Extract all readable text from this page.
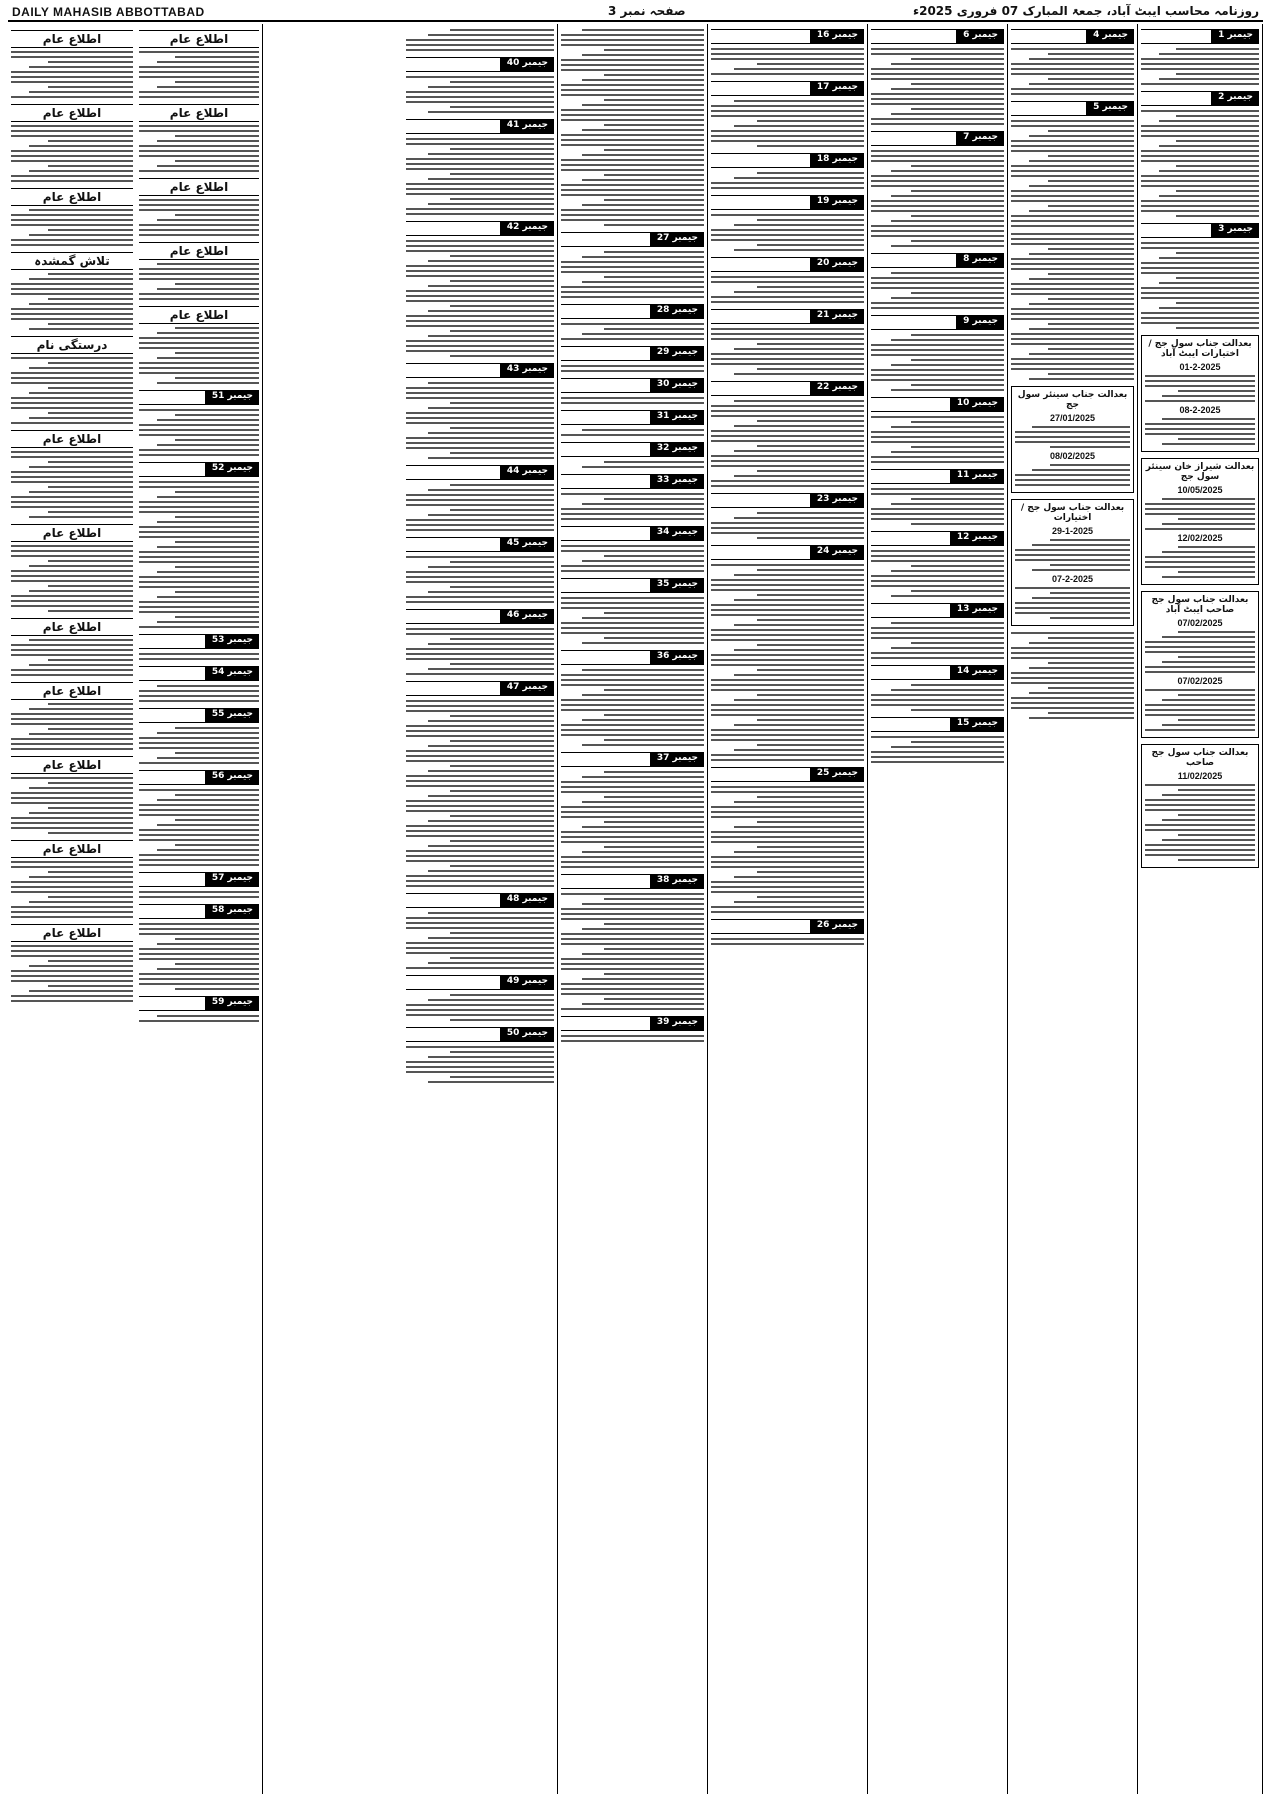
DAILY MAHASIB ABBOTTABAD	صفحہ نمبر 3	روزنامہ محاسب ایبٹ آباد، جمعۃ المبارک 07 فروری 2025ء
جیمبر 1
جیمبر 2
جیمبر 3
بعدالت جناب سول جج / اختیارات ایبٹ آباد
01-2-2025
08-2-2025
بعدالت شیراز خان سینئر سول جج
10/05/2025
12/02/2025
بعدالت جناب سول جج صاحب ایبٹ آباد
07/02/2025
07/02/2025
بعدالت جناب سول جج صاحب
11/02/2025
جیمبر 4
جیمبر 5
بعدالت جناب سینئر سول جج
27/01/2025
08/02/2025
بعدالت جناب سول جج / اختیارات
29-1-2025
07-2-2025
جیمبر 6
جیمبر 7
جیمبر 8
جیمبر 9
جیمبر 10
جیمبر 11
جیمبر 12
جیمبر 13
جیمبر 14
جیمبر 15
جیمبر 16
جیمبر 17
جیمبر 18
جیمبر 19
جیمبر 20
جیمبر 21
جیمبر 22
جیمبر 23
جیمبر 24
جیمبر 25
جیمبر 26
جیمبر 27
جیمبر 28
جیمبر 29
جیمبر 30
جیمبر 31
جیمبر 32
جیمبر 33
جیمبر 34
جیمبر 35
جیمبر 36
جیمبر 37
جیمبر 38
جیمبر 39
جیمبر 40
جیمبر 41
جیمبر 42
جیمبر 43
جیمبر 44
جیمبر 45
جیمبر 46
جیمبر 47
جیمبر 48
جیمبر 49
جیمبر 50
اطلاع عام
اطلاع عام
اطلاع عام
اطلاع عام
اطلاع عام
جیمبر 51
جیمبر 52
جیمبر 53
جیمبر 54
جیمبر 55
جیمبر 56
جیمبر 57
جیمبر 58
جیمبر 59
اطلاع عام
اطلاع عام
اطلاع عام
تلاش گمشدہ
درستگی نام
اطلاع عام
اطلاع عام
اطلاع عام
اطلاع عام
اطلاع عام
اطلاع عام
اطلاع عام
